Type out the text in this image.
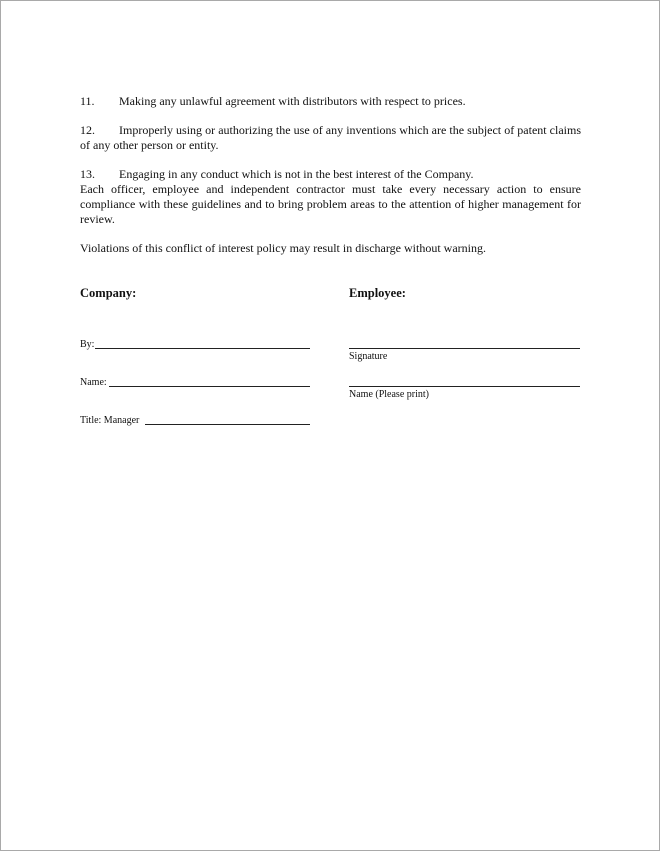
11. Making any unlawful agreement with distributors with respect to prices.

12. Improperly using or authorizing the use of any inventions which are the subject of patent claims of any other person or entity.

13. Engaging in any conduct which is not in the best interest of the Company.

Each officer, employee and independent contractor must take every necessary action to ensure compliance with these guidelines and to bring problem areas to the attention of higher management for review.

Violations of this conflict of interest policy may result in discharge without warning.

Company:
By:
Name:
Title: Manager
Employee:
Signature
Name (Please print)
